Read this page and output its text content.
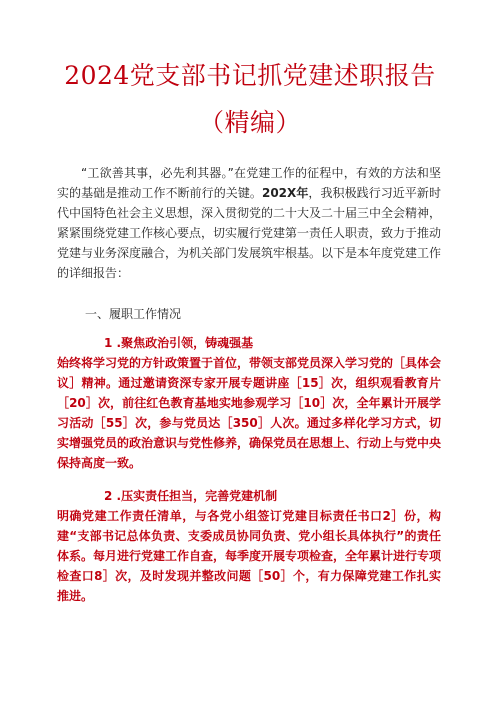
2024党支部书记抓党建述职报告
（精编）
“工欲善其事，必先利其器。”在党建工作的征程中，有效的方法和坚实的基础是推动工作不断前行的关键。202X年，我积极践行习近平新时代中国特色社会主义思想，深入贯彻党的二十大及二十届三中全会精神，紧紧围绕党建工作核心要点，切实履行党建第一责任人职责，致力于推动党建与业务深度融合，为机关部门发展筑牢根基。以下是本年度党建工作的详细报告：
一、履职工作情况
1 .聚焦政治引领，铸魂强基
始终将学习党的方针政策置于首位，带领支部党员深入学习党的［具体会议］精神。通过邀请资深专家开展专题讲座［15］次，组织观看教育片［20］次，前往红色教育基地实地参观学习［10］次，全年累计开展学习活动［55］次，参与党员达［350］人次。通过多样化学习方式，切实增强党员的政治意识与党性修养，确保党员在思想上、行动上与党中央保持高度一致。
2 .压实责任担当，完善党建机制
明确党建工作责任清单，与各党小组签订党建目标责任书口2］份，构建“支部书记总体负责、支委成员协同负责、党小组长具体执行”的责任体系。每月进行党建工作自查，每季度开展专项检查，全年累计进行专项检查口8］次，及时发现并整改问题［50］个，有力保障党建工作扎实推进。
